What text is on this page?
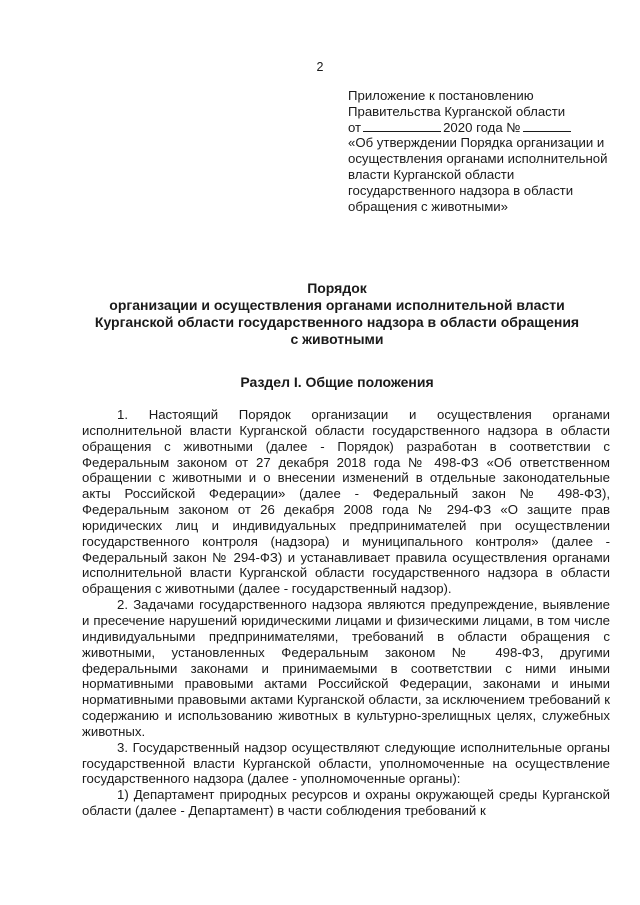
2
Приложение к постановлению
Правительства Курганской области
от	2020 года №
«Об утверждении Порядка организации и осуществления органами исполнительной власти Курганской области государственного надзора в области обращения с животными»
Порядок
организации и осуществления органами исполнительной власти
Курганской области государственного надзора в области обращения
с животными
Раздел I. Общие положения

1. Настоящий Порядок организации и осуществления органами исполнительной власти Курганской области государственного надзора в области обращения с животными (далее - Порядок) разработан в соответствии с Федеральным законом от 27 декабря 2018 года № 498-ФЗ «Об ответственном обращении с животными и о внесении изменений в отдельные законодательные акты Российской Федерации» (далее - Федеральный закон № 498-ФЗ), Федеральным законом от 26 декабря 2008 года № 294-ФЗ «О защите прав юридических лиц и индивидуальных предпринимателей при осуществлении государственного контроля (надзора) и муниципального контроля» (далее - Федеральный закон № 294-ФЗ) и устанавливает правила осуществления органами исполнительной власти Курганской области государственного надзора в области обращения с животными (далее - государственный надзор).

2. Задачами государственного надзора являются предупреждение, выявление и пресечение нарушений юридическими лицами и физическими лицами, в том числе индивидуальными предпринимателями, требований в области обращения с животными, установленных Федеральным законом № 498-ФЗ, другими федеральными законами и принимаемыми в соответствии с ними иными нормативными правовыми актами Российской Федерации, законами и иными нормативными правовыми актами Курганской области, за исключением требований к содержанию и использованию животных в культурно-зрелищных целях, служебных животных.

3. Государственный надзор осуществляют следующие исполнительные органы государственной власти Курганской области, уполномоченные на осуществление государственного надзора (далее - уполномоченные органы):

1) Департамент природных ресурсов и охраны окружающей среды Курганской области (далее - Департамент) в части соблюдения требований к
